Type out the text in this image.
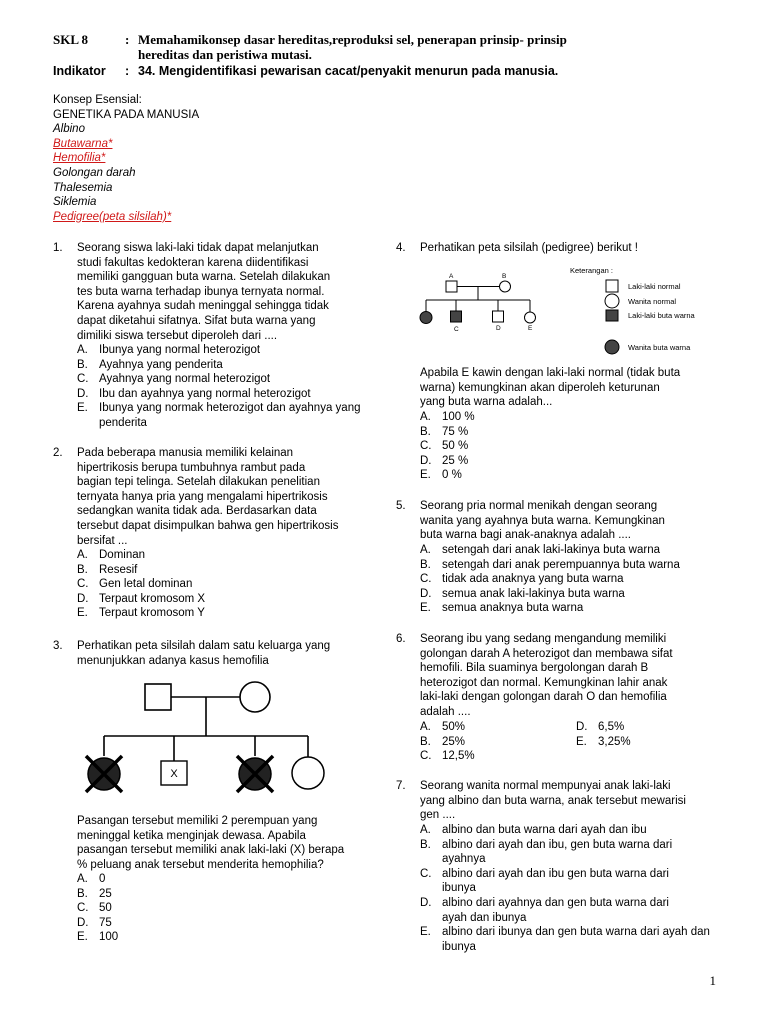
SKL 8	: Memahamikonsep dasar hereditas,reproduksi sel, penerapan prinsip- prinsip
hereditas dan peristiwa mutasi.
Indikator : 34. Mengidentifikasi pewarisan cacat/penyakit menurun pada manusia.
Konsep Esensial:
GENETIKA PADA MANUSIA
Albino
Butawarna*
Hemofilia*
Golongan darah
Thalesemia
Siklemia
Pedigree(peta silsilah)*
1. Seorang siswa laki-laki tidak dapat melanjutkan
studi fakultas kedokteran karena diidentifikasi
memiliki gangguan buta warna. Setelah dilakukan
tes buta warna terhadap ibunya ternyata normal.
Karena ayahnya sudah meninggal sehingga tidak
dapat diketahui sifatnya. Sifat buta warna yang
dimiliki siswa tersebut diperoleh dari ....
A. Ibunya yang normal heterozigot
B. Ayahnya yang penderita
C. Ayahnya yang normal heterozigot
D. Ibu dan ayahnya yang normal heterozigot
E. Ibunya yang normak heterozigot dan ayahnya yang penderita
2. Pada beberapa manusia memiliki kelainan
hipertrikosis berupa tumbuhnya rambut pada
bagian tepi telinga. Setelah dilakukan penelitian
ternyata hanya pria yang mengalami hipertrikosis
sedangkan wanita tidak ada. Berdasarkan data
tersebut dapat disimpulkan bahwa gen hipertrikosis
bersifat ...
A. Dominan
B. Resesif
C. Gen letal dominan
D. Terpaut kromosom X
E. Terpaut kromosom Y
3. Perhatikan peta silsilah dalam satu keluarga yang
menunjukkan adanya kasus hemofilia
X
Pasangan tersebut memiliki 2 perempuan yang
meninggal ketika menginjak dewasa. Apabila
pasangan tersebut memiliki anak laki-laki (X) berapa
% peluang anak tersebut menderita hemophilia?
A. 0
B. 25
C. 50
D. 75
E. 100
4. Perhatikan peta silsilah (pedigree) berikut !
A	B
C	D	E
Keterangan :
Laki-laki normal
Wanita normal
Laki-laki buta warna
Wanita buta warna
Apabila E kawin dengan laki-laki normal (tidak buta
warna) kemungkinan akan diperoleh keturunan
yang buta warna adalah...
A. 100 %
B. 75 %
C. 50 %
D. 25 %
E. 0 %
5. Seorang pria normal menikah dengan seorang
wanita yang ayahnya buta warna. Kemungkinan
buta warna bagi anak-anaknya adalah ....
A. setengah dari anak laki-lakinya buta warna
B. setengah dari anak perempuannya buta warna
C. tidak ada anaknya yang buta warna
D. semua anak laki-lakinya buta warna
E. semua anaknya buta warna
6. Seorang ibu yang sedang mengandung memiliki
golongan darah A heterozigot dan membawa sifat
hemofili. Bila suaminya bergolongan darah B
heterozigot dan normal. Kemungkinan lahir anak
laki-laki dengan golongan darah O dan hemofilia
adalah ....
A. 50%
B. 25%
C. 12,5%
D. 6,5%
E. 3,25%
7. Seorang wanita normal mempunyai anak laki-laki
yang albino dan buta warna, anak tersebut mewarisi
gen ....
A. albino dan buta warna dari ayah dan ibu
B. albino dari ayah dan ibu, gen buta warna dari ayahnya
C. albino dari ayah dan ibu gen buta warna dari ibunya
D. albino dari ayahnya dan gen buta warna dari ayah dan ibunya
E. albino dari ibunya dan gen buta warna dari ayah dan ibunya
1
